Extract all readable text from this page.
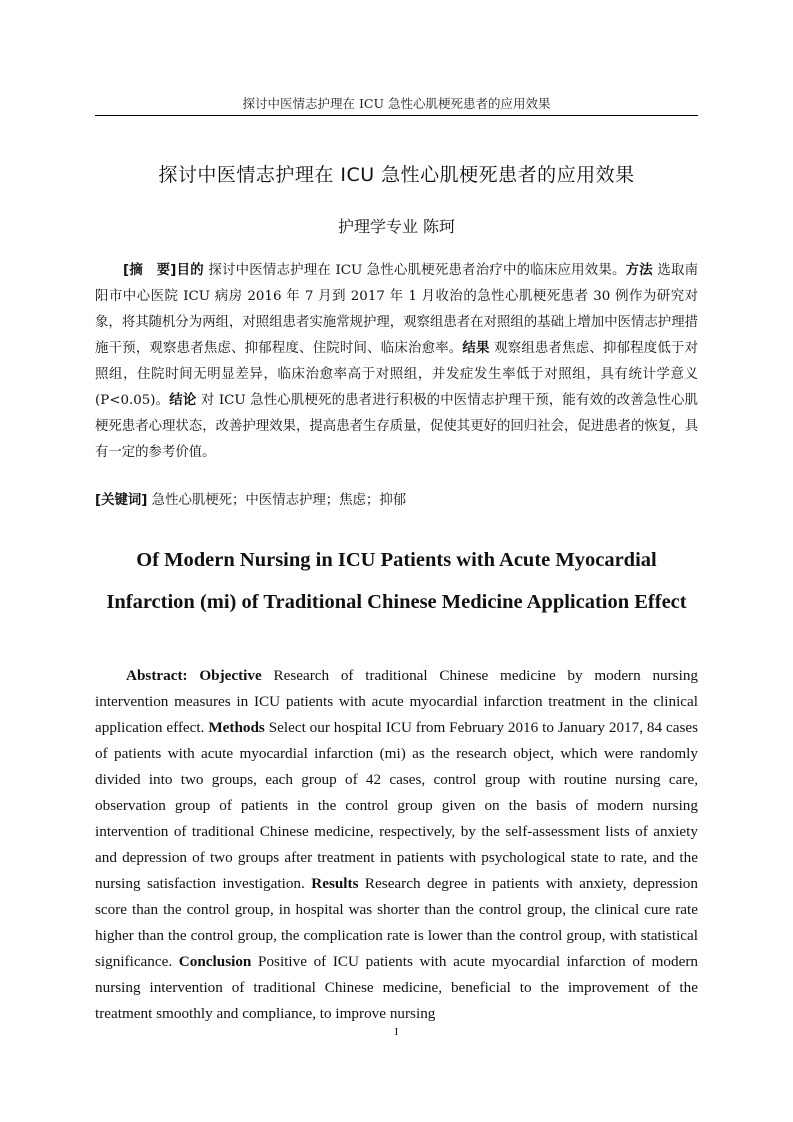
探讨中医情志护理在 ICU 急性心肌梗死患者的应用效果
探讨中医情志护理在 ICU 急性心肌梗死患者的应用效果
护理学专业 陈珂
[摘　要]目的 探讨中医情志护理在 ICU 急性心肌梗死患者治疗中的临床应用效果。方法 选取南阳市中心医院 ICU 病房 2016 年 7 月到 2017 年 1 月收治的急性心肌梗死患者 30 例作为研究对象，将其随机分为两组，对照组患者实施常规护理，观察组患者在对照组的基础上增加中医情志护理措施干预，观察患者焦虑、抑郁程度、住院时间、临床治愈率。结果 观察组患者焦虑、抑郁程度低于对照组，住院时间无明显差异，临床治愈率高于对照组，并发症发生率低于对照组，具有统计学意义(P<0.05)。结论 对 ICU 急性心肌梗死的患者进行积极的中医情志护理干预，能有效的改善急性心肌梗死患者心理状态，改善护理效果，提高患者生存质量，促使其更好的回归社会，促进患者的恢复，具有一定的参考价值。
[关键词] 急性心肌梗死；中医情志护理；焦虑；抑郁
Of Modern Nursing in ICU Patients with Acute Myocardial Infarction (mi) of Traditional Chinese Medicine Application Effect
Abstract: Objective Research of traditional Chinese medicine by modern nursing intervention measures in ICU patients with acute myocardial infarction treatment in the clinical application effect. Methods Select our hospital ICU from February 2016 to January 2017, 84 cases of patients with acute myocardial infarction (mi) as the research object, which were randomly divided into two groups, each group of 42 cases, control group with routine nursing care, observation group of patients in the control group given on the basis of modern nursing intervention of traditional Chinese medicine, respectively, by the self-assessment lists of anxiety and depression of two groups after treatment in patients with psychological state to rate, and the nursing satisfaction investigation. Results Research degree in patients with anxiety, depression score than the control group, in hospital was shorter than the control group, the clinical cure rate higher than the control group, the complication rate is lower than the control group, with statistical significance. Conclusion Positive of ICU patients with acute myocardial infarction of modern nursing intervention of traditional Chinese medicine, beneficial to the improvement of the treatment smoothly and compliance, to improve nursing
I
